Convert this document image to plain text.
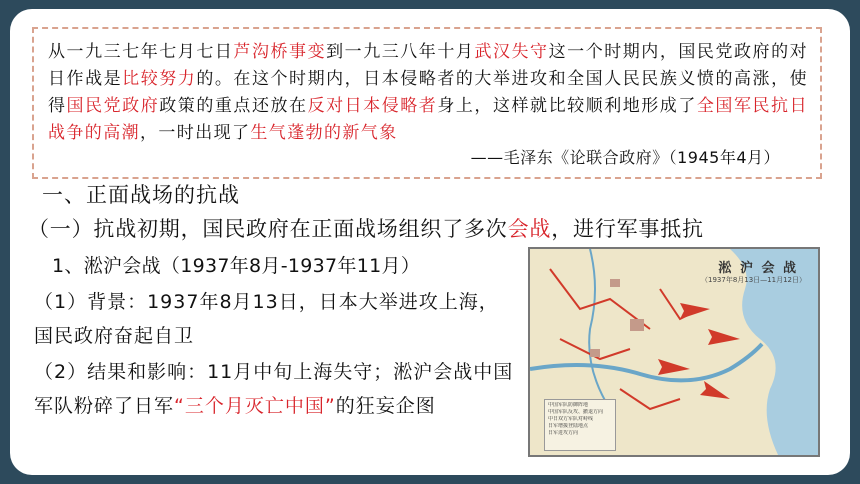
从一九三七年七月七日芦沟桥事变到一九三八年十月武汉失守这一个时期内，国民党政府的对日作战是比较努力的。在这个时期内，日本侵略者的大举进攻和全国人民民族义愤的高涨，使得国民党政府政策的重点还放在反对日本侵略者身上，这样就比较顺利地形成了全国军民抗日战争的高潮，一时出现了生气蓬勃的新气象
——毛泽东《论联合政府》（1945年4月）
一、正面战场的抗战
（一）抗战初期，国民政府在正面战场组织了多次会战，进行军事抵抗
1、淞沪会战（1937年8月-1937年11月）
（1）背景：1937年8月13日，日本大举进攻上海，国民政府奋起自卫
（2）结果和影响：11月中旬上海失守；淞沪会战中国军队粉碎了日军“三个月灭亡中国”的狂妄企图
淞 沪 会 战
（1937年8月13日—11月12日）
中国军队防御阵地
中国军队反攻、撤退方向
中日双方军队对峙线
日军增援登陆地点
日军进攻方向
